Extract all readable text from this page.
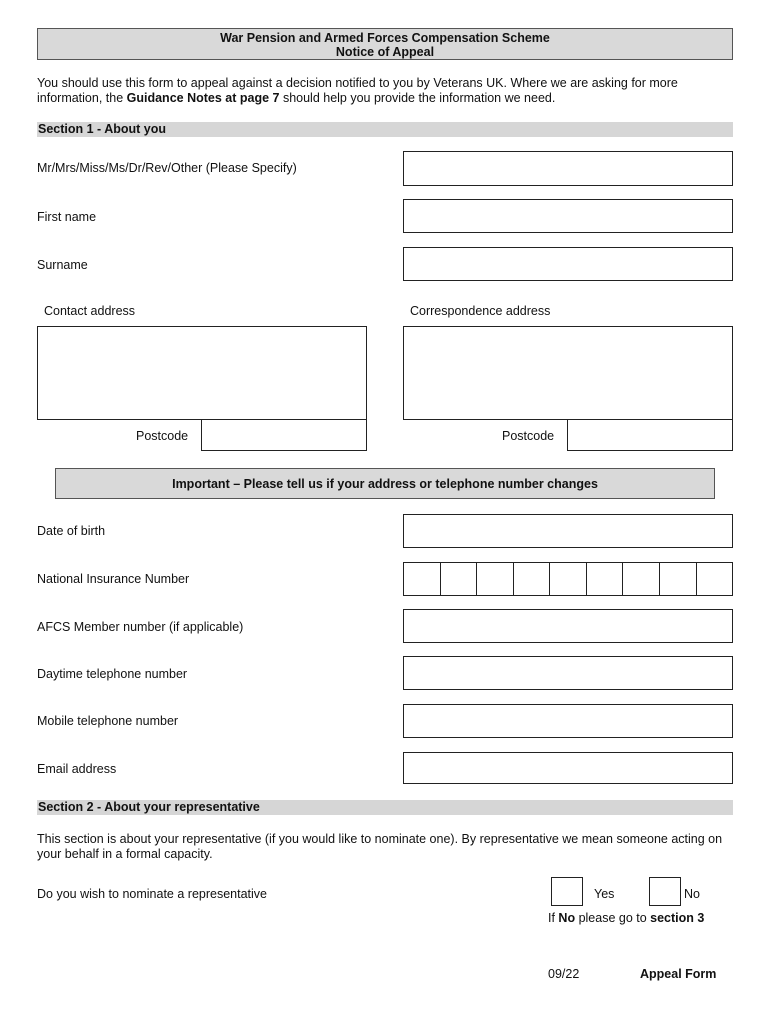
War Pension and Armed Forces Compensation Scheme
Notice of Appeal
You should use this form to appeal against a decision notified to you by Veterans UK. Where we are asking for more information, the Guidance Notes at page 7 should help you provide the information we need.
Section 1 - About you
Mr/Mrs/Miss/Ms/Dr/Rev/Other (Please Specify)
First name
Surname
Contact address	Correspondence address
Postcode	Postcode
Important – Please tell us if your address or telephone number changes
Date of birth
National Insurance Number
AFCS Member number (if applicable)
Daytime telephone number
Mobile telephone number
Email address
Section 2 - About your representative
This section is about your representative (if you would like to nominate one). By representative we mean someone acting on your behalf in a formal capacity.
Do you wish to nominate a representative	Yes	No
If No please go to section 3
09/22	Appeal Form
